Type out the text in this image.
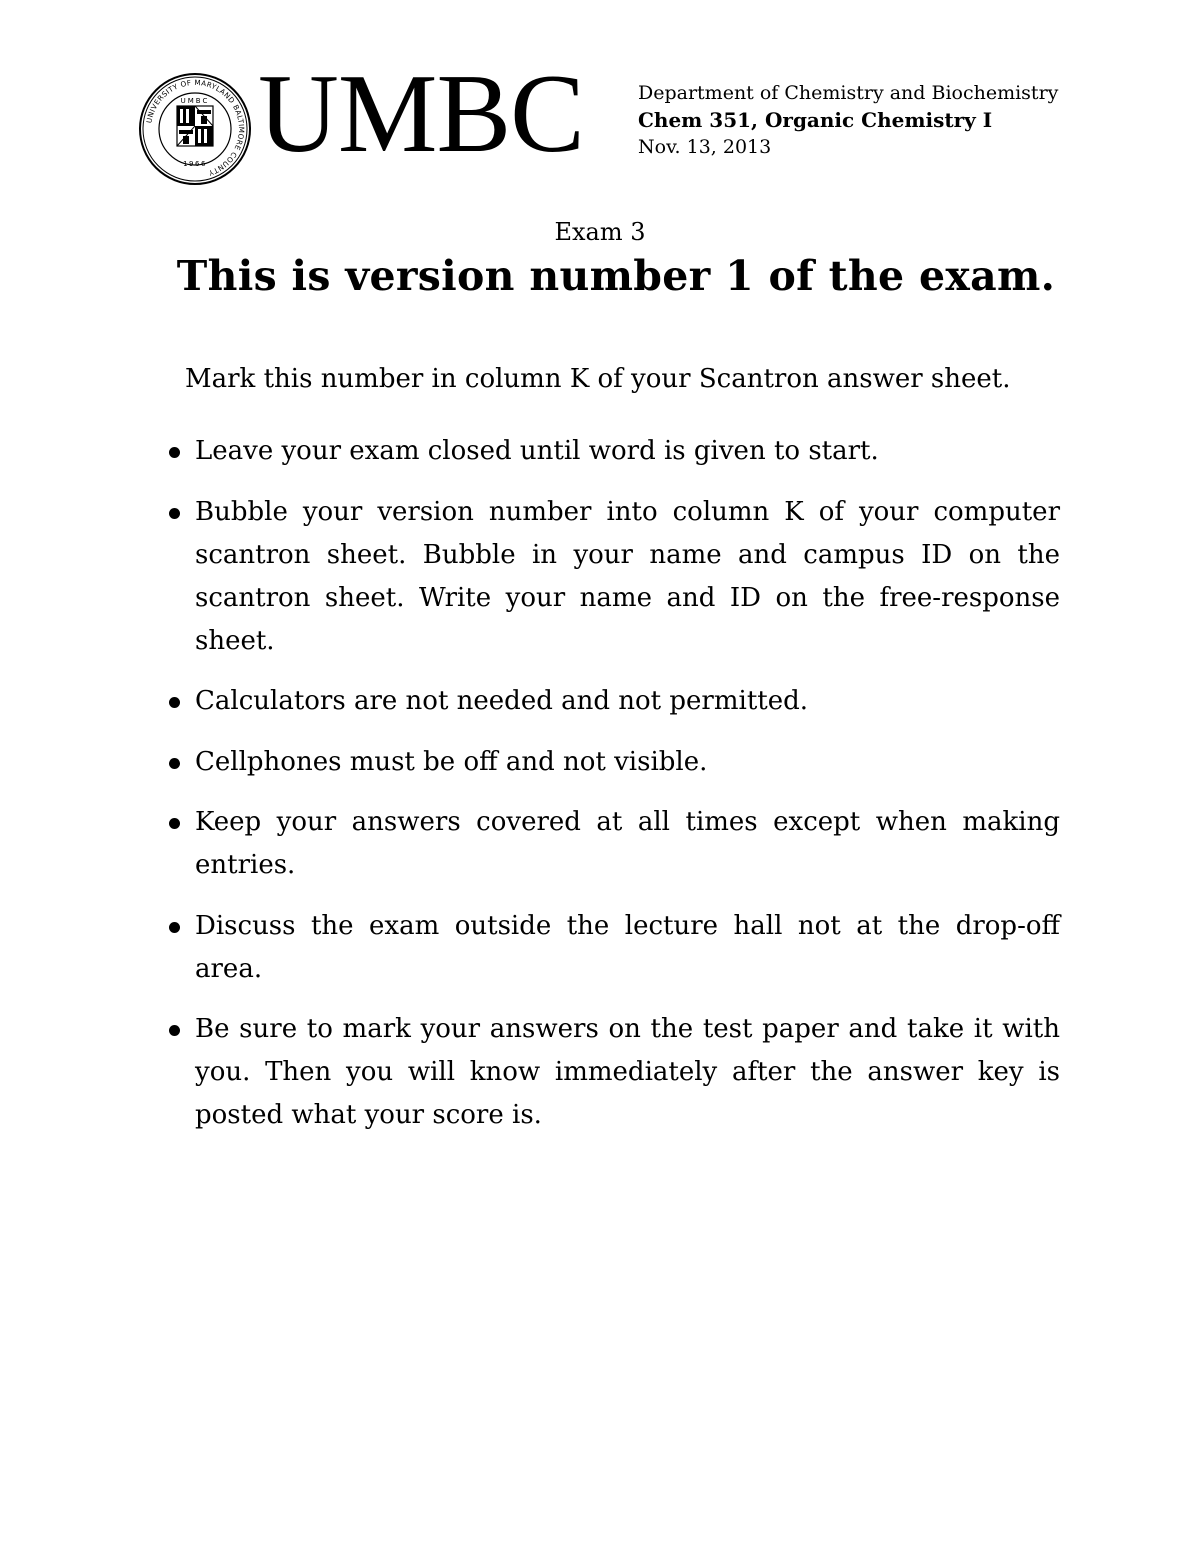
UNIVERSITY OF MARYLAND BALTIMORE COUNTY
UMBC
1966 UMBC	Department of Chemistry and Biochemistry
Chem 351, Organic Chemistry I
Nov. 13, 2013
Exam 3
This is version number 1 of the exam.
Mark this number in column K of your Scantron answer sheet.
Leave your exam closed until word is given to start.
Bubble your version number into column K of your computer scantron sheet. Bubble in your name and campus ID on the scantron sheet. Write your name and ID on the free-response sheet.
Calculators are not needed and not permitted.
Cellphones must be off and not visible.
Keep your answers covered at all times except when making entries.
Discuss the exam outside the lecture hall not at the drop-off area.
Be sure to mark your answers on the test paper and take it with you. Then you will know immediately after the answer key is posted what your score is.
